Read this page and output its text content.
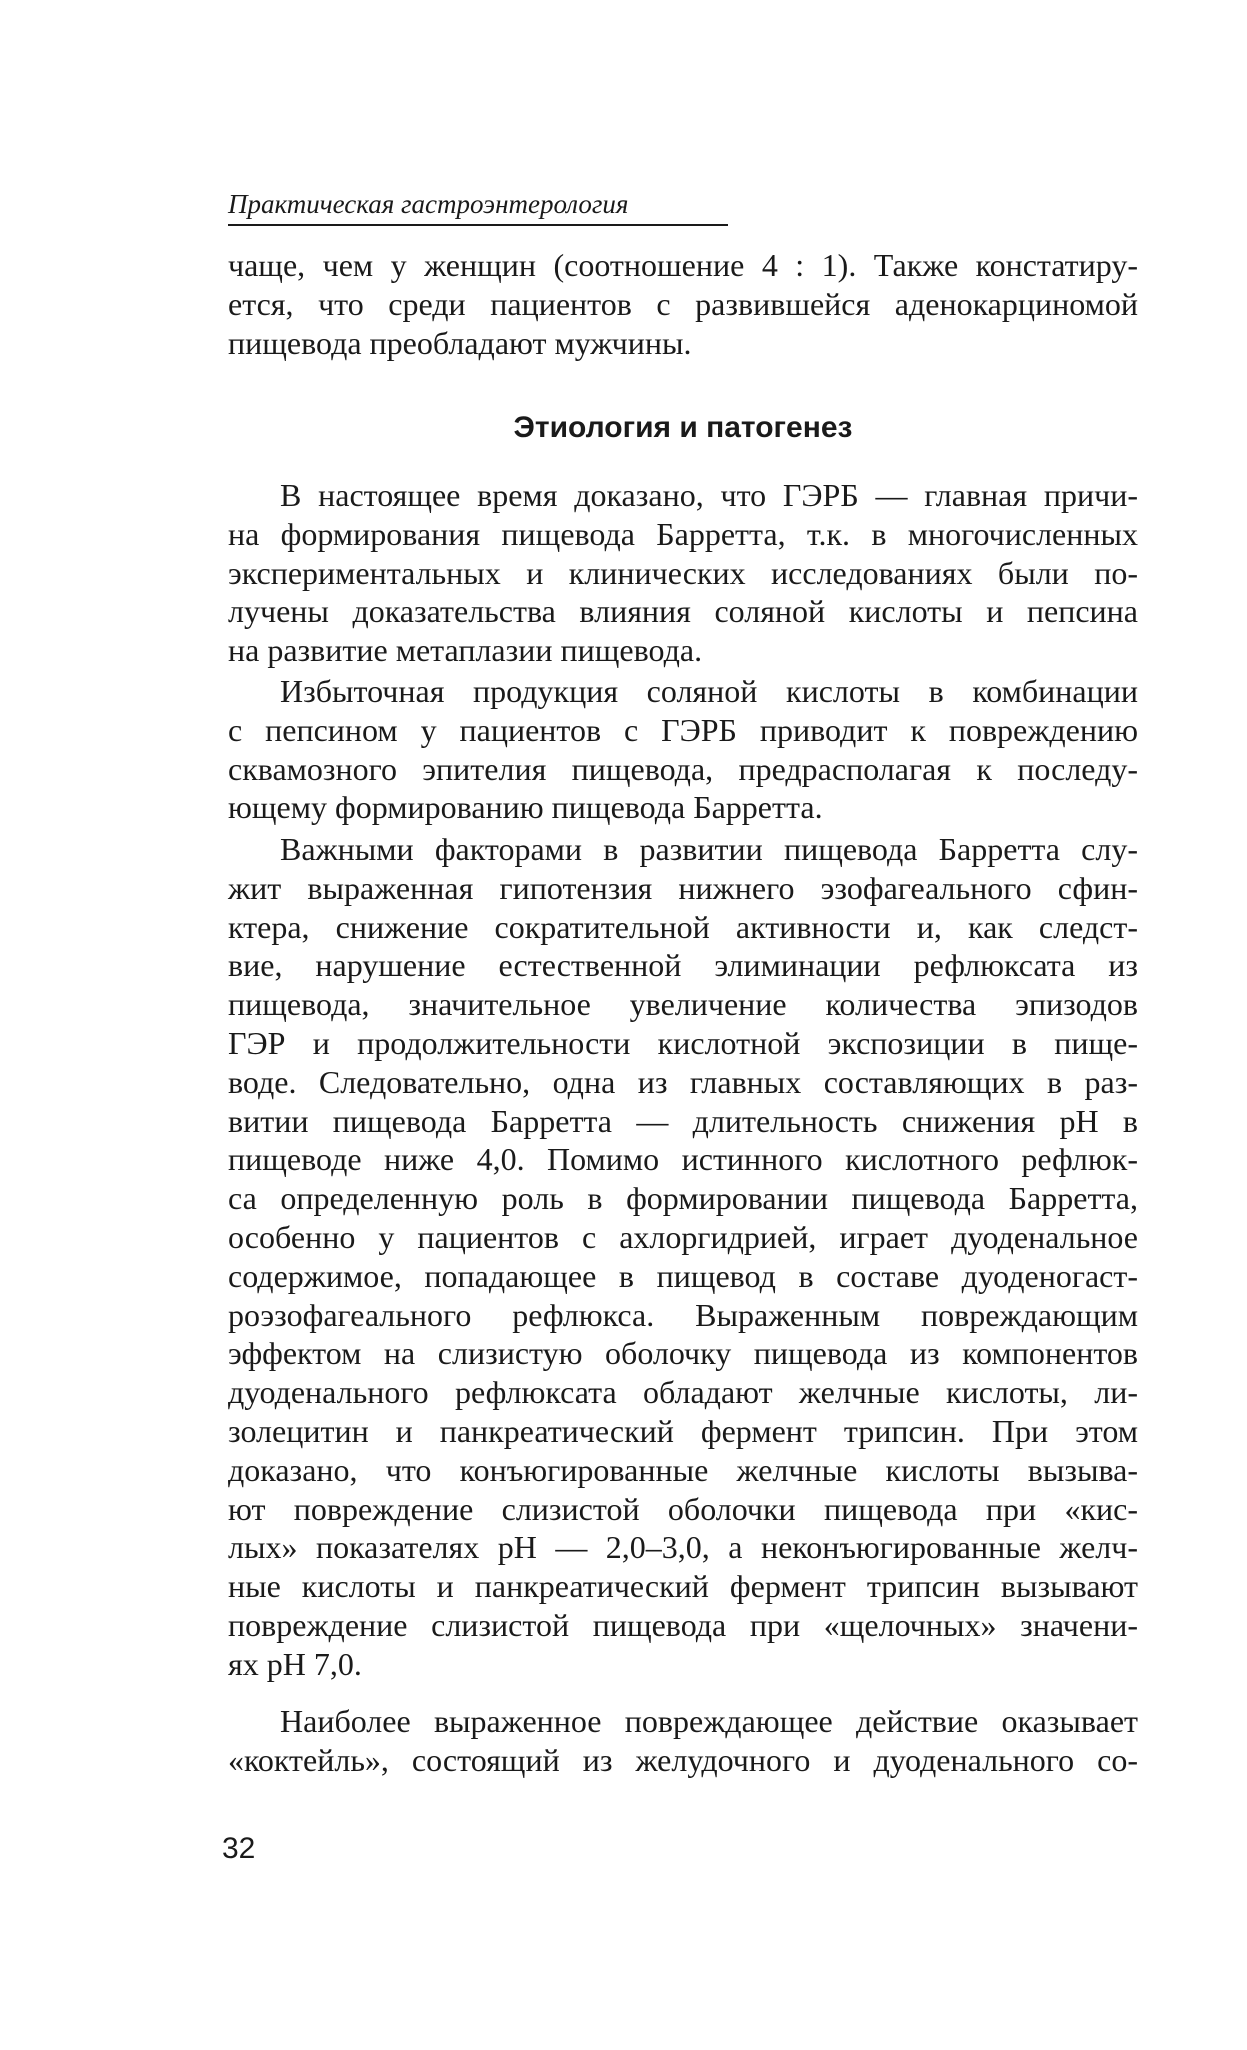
Практическая гастроэнтерология
чаще, чем у женщин (соотношение 4 : 1). Также констатиру-
ется, что среди пациентов с развившейся аденокарциномой
пищевода преобладают мужчины.
Этиология и патогенез
В настоящее время доказано, что ГЭРБ — главная причи-
на формирования пищевода Барретта, т.к. в многочисленных
экспериментальных и клинических исследованиях были по-
лучены доказательства влияния соляной кислоты и пепсина
на развитие метаплазии пищевода.
Избыточная продукция соляной кислоты в комбинации
с пепсином у пациентов с ГЭРБ приводит к повреждению
сквамозного эпителия пищевода, предрасполагая к последу-
ющему формированию пищевода Барретта.
Важными факторами в развитии пищевода Барретта слу-
жит выраженная гипотензия нижнего эзофагеального сфин-
ктера, снижение сократительной активности и, как следст-
вие, нарушение естественной элиминации рефлюксата из
пищевода, значительное увеличение количества эпизодов
ГЭР и продолжительности кислотной экспозиции в пище-
воде. Следовательно, одна из главных составляющих в раз-
витии пищевода Барретта — длительность снижения pH в
пищеводе ниже 4,0. Помимо истинного кислотного рефлюк-
са определенную роль в формировании пищевода Барретта,
особенно у пациентов с ахлоргидрией, играет дуоденальное
содержимое, попадающее в пищевод в составе дуоденогаст-
роэзофагеального рефлюкса. Выраженным повреждающим
эффектом на слизистую оболочку пищевода из компонентов
дуоденального рефлюксата обладают желчные кислоты, ли-
золецитин и панкреатический фермент трипсин. При этом
доказано, что конъюгированные желчные кислоты вызыва-
ют повреждение слизистой оболочки пищевода при «кис-
лых» показателях pH — 2,0–3,0, а неконъюгированные желч-
ные кислоты и панкреатический фермент трипсин вызывают
повреждение слизистой пищевода при «щелочных» значени-
ях pH 7,0.
Наиболее выраженное повреждающее действие оказывает
«коктейль», состоящий из желудочного и дуоденального со-
32
